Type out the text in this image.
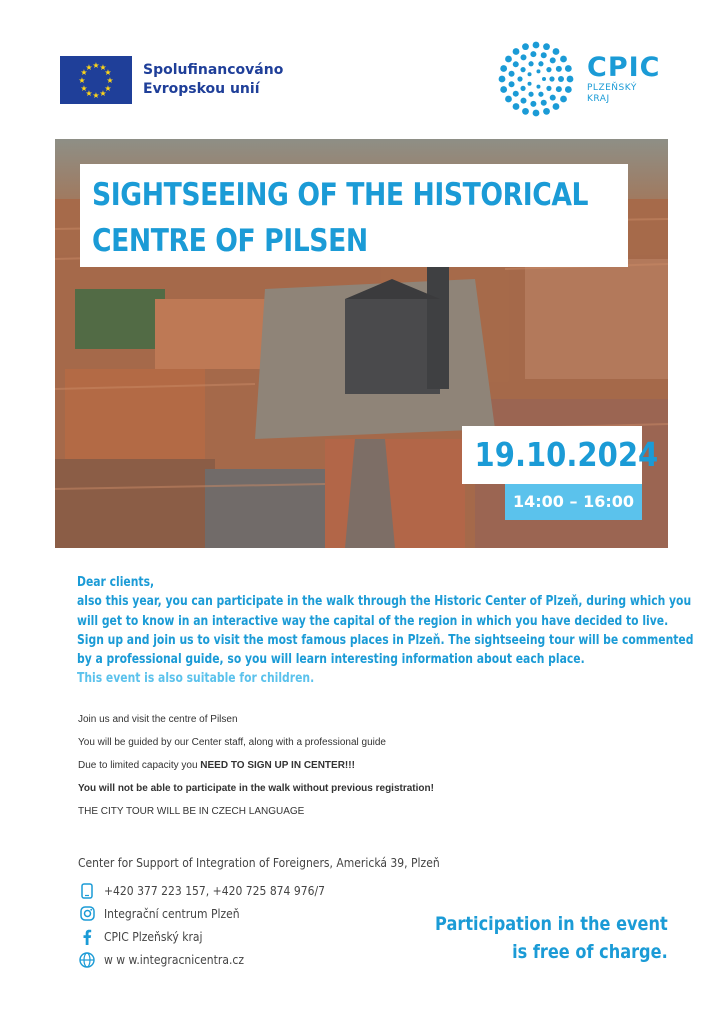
★ ★
★
★
★
★
★
★
★
★
★
★	Spolufinancováno
Evropskou unií
CPIC
PLZEŇSKÝ
KRAJ
SIGHTSEEING OF THE HISTORICAL
CENTRE OF PILSEN
19.10.2024
14:00 – 16:00

Dear clients,

also this year, you can participate in the walk through the Historic Center of Plzeň, during which you

will get to know in an interactive way the capital of the region in which you have decided to live.

Sign up and join us to visit the most famous places in Plzeň. The sightseeing tour will be commented

by a professional guide, so you will learn interesting information about each place.

This event is also suitable for children.

Join us and visit the centre of Pilsen

You will be guided by our Center staff, along with a professional guide

Due to limited capacity you NEED TO SIGN UP IN CENTER!!!

You will not be able to participate in the walk without previous registration!

THE CITY TOUR WILL BE IN CZECH LANGUAGE

Center for Support of Integration of Foreigners, Americká 39, Plzeň
+420 377 223 157, +420 725 874 976/7
Integrační centrum Plzeň
CPIC Plzeňský kraj
w w w.integracnicentra.cz

Participation in the event

is free of charge.
